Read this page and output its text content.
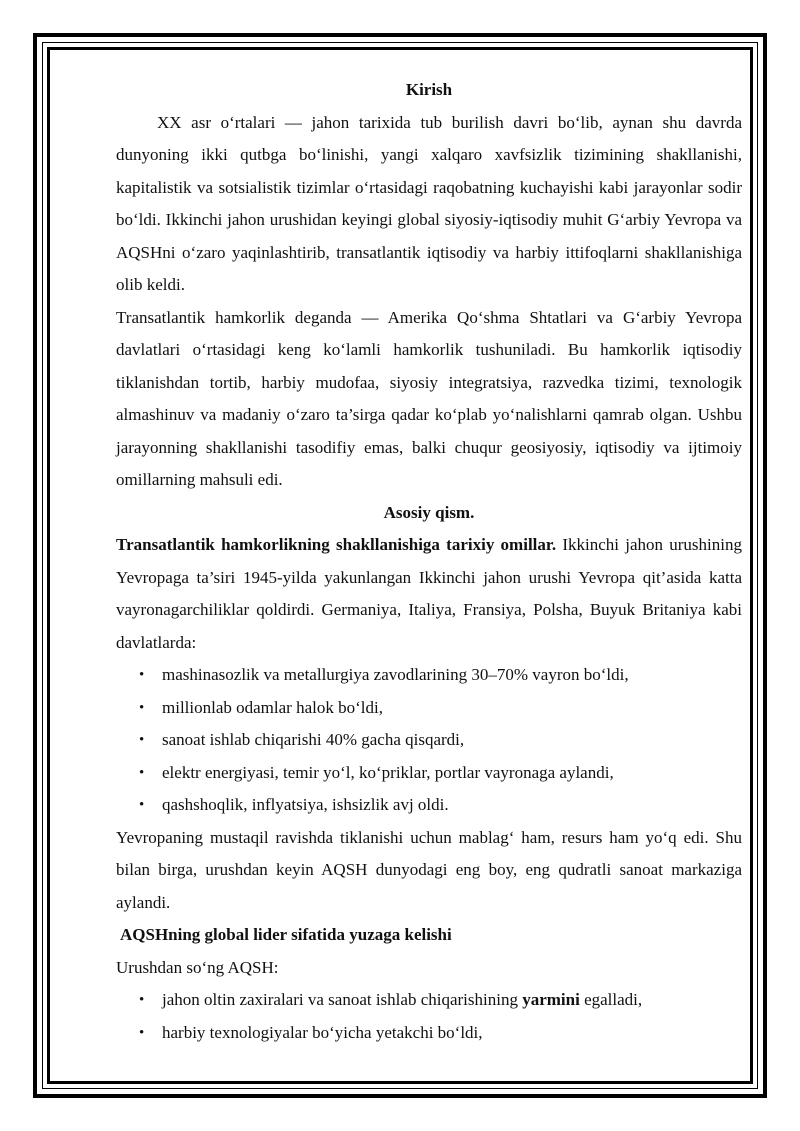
Kirish

XX asr o‘rtalari — jahon tarixida tub burilish davri bo‘lib, aynan shu davrda dunyoning ikki qutbga bo‘linishi, yangi xalqaro xavfsizlik tizimining shakllanishi, kapitalistik va sotsialistik tizimlar o‘rtasidagi raqobatning kuchayishi kabi jarayonlar sodir bo‘ldi. Ikkinchi jahon urushidan keyingi global siyosiy-iqtisodiy muhit G‘arbiy Yevropa va AQSHni o‘zaro yaqinlashtirib, transatlantik iqtisodiy va harbiy ittifoqlarni shakllanishiga olib keldi.

Transatlantik hamkorlik deganda — Amerika Qo‘shma Shtatlari va G‘arbiy Yevropa davlatlari o‘rtasidagi keng ko‘lamli hamkorlik tushuniladi. Bu hamkorlik iqtisodiy tiklanishdan tortib, harbiy mudofaa, siyosiy integratsiya, razvedka tizimi, texnologik almashinuv va madaniy o‘zaro ta’sirga qadar ko‘plab yo‘nalishlarni qamrab olgan. Ushbu jarayonning shakllanishi tasodifiy emas, balki chuqur geosiyosiy, iqtisodiy va ijtimoiy omillarning mahsuli edi.

Asosiy qism.

Transatlantik hamkorlikning shakllanishiga tarixiy omillar. Ikkinchi jahon urushining Yevropaga ta’siri 1945-yilda yakunlangan Ikkinchi jahon urushi Yevropa qit’asida katta vayronagarchiliklar qoldirdi. Germaniya, Italiya, Fransiya, Polsha, Buyuk Britaniya kabi davlatlarda:

• mashinasozlik va metallurgiya zavodlarining 30–70% vayron bo‘ldi,
• millionlab odamlar halok bo‘ldi,
• sanoat ishlab chiqarishi 40% gacha qisqardi,
• elektr energiyasi, temir yo‘l, ko‘priklar, portlar vayronaga aylandi,
• qashshoqlik, inflyatsiya, ishsizlik avj oldi.

Yevropaning mustaqil ravishda tiklanishi uchun mablag‘ ham, resurs ham yo‘q edi. Shu bilan birga, urushdan keyin AQSH dunyodagi eng boy, eng qudratli sanoat markaziga aylandi.

AQSHning global lider sifatida yuzaga kelishi

Urushdan so‘ng AQSH:

• jahon oltin zaxiralari va sanoat ishlab chiqarishining yarmini egalladi,
• harbiy texnologiyalar bo‘yicha yetakchi bo‘ldi,
